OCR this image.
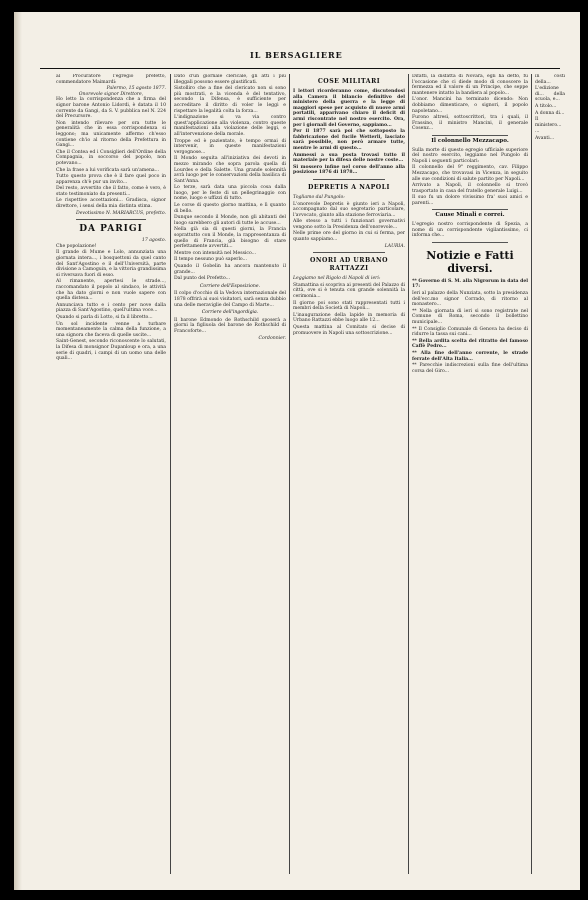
IL BERSAGLIERE

al Procuratore l'egregio prefetto, commendatore Maimardi:

Palermo, 15 agosto 1877.
Onorevole signor Direttore,

Ho letto la corrispondenza che a firma del signor barone Antonio Lidordi, è datata il 10 corrente da Gangi, da S. V. pubblica nel N. 224 del Precursore.

Non intendo rilevare per ora tutte le generalità che in essa corrispondenza si leggono; ma unicamente affermo ch'esso contiene ch'io al ritorno della Prefettura in Gangi...

Che il Contea ed i Consiglieri dell'Ordine della Compagnia, in soccorso del popolo, non potevano...

Che la frase a lui vorificata sarà un'amena...

Tutto questo prova che è il fare quel poco in apparenza ch'è pur un invito...

Del resto, avvertito che il fatto, come è vero, è stato testimoniato da presenti...

Le rispettive accettazioni... Gradisca, signor direttore, i sensi della mia distinta stima.

Devotissimo N. MARIARCUS, prefetto.
DA PARIGI
17 agosto.

Che popolazione!

Il grande di Mume e Lolo, annunziata una giornata intera..., i bosquettoni da quel canto del Sant'Agostino e il dell'Università, parte divisione a Camoguin, e la vittoria grandissima si riversava fuori di esso.

Al rimanente, apertesi le strade..., raccomandato il popolo al sindaco, le attività che ha dato giorni e non vuole sapere con quella distesa...

Annunciava tutto e i cento per nove dalla piazza di Sant'Agostino, quell'ultima voce...

Quando si parla di Lotto, si fa il libretto...

Un sol incidente venne a turbare momentaneamente la calma della funzione, a una signora che faceva di quelle uscite...

Saint-Genest, secondo riconoscente lo salutati, la Difesa di monsignor Dupanloup e ora, a una serie di quadri, i campi di un uomo una delle quali...

Dato d'un giornale clericale, gli atti i più illeggali possono essere giustificati.

Sistolliro che a fine del clericato non si sono più mostrati, e la vicenda è del tentativo, secondo la Difensa, è sufficiente per accreditare il diritto di voler le leggi e rispettare la legalità colta la forza...

L'indignazione si va via contro quest'applicazione alla violenza, contro queste manifestazioni alla violazione delle leggi, e all'intervenzione della morale.

Troppe ed è pazientato, è tempo ormai di intervenir, in queste manifestazioni vergognose...

Il Mondo seguita all'iniziativa dei devoti in mezzo mirando che sopra parola quella di Lourdes e della Salette. Una grande solennità avrà luogo per le conservazioni della basilica di Sant'Anna.

Lo terze, sarà data una piccola cosa dalla luogo, per le feste di un pellegrinaggio con nome, luogo e uffizzi di tutto.

Le corse di questo giorno mattina, e lì quanto di bello.

Dunque secondo il Monde, non gli abitanti del luogo sarebbero gli autori di tutte le accuse...

Nella già sia di questi giorni, la Francia soprattutto con il Monde, la rappresentanza di quello di Francia, già bisogno di stare perfettamente avvertiti...

Mentre con intensità nel Messico...

Il tempo nessuno può saperlo...

Quando il Gobelin ha ancora mantenuto il grande...

Dal punto del Prefetto...

Corriere dell'Esposizione.

Il colpo d'occhio di la Vedova internazionale del 1878 offrirà ai suoi visitatori, sarà senza dubbio una delle meraviglie del Campo di Marte...

Corriere dell'ingordigia.

Il barone Edmondo de Rothschild sposerà a giorni la figliuola del barone de Rothschild di Francoforte...

Cordonnier.
COSE MILITARI

I lettori ricorderanno come, discutendosi alla Camera il bilancio definitivo del ministero della guerra e la legge di maggiori spese per acquisto di nuove armi portatili, apparivano chiaro il deficit di armi riscontrate nel nostro esercito. Ora, per i giornali del Governo, sappiamo...

Per il 1877 sarà poi che sottoposto la fabbricazione del fucile Wetterli, lasciato sarà possibile, non però armare tutte, mentre le armi di questo...

Ammessi a sua posta trovasi tutto il materiale per la difesa delle nostre coste...

Si mossero infine nel corso dell'anno alla posizione 1876 di 1878...

DEPRETIS A NAPOLI

Togliamo dal Pungolo:

L'onorevole Depretis è giunto ieri a Napoli, accompagnato dal suo segretario particolare, l'avvocato, giunto alla stazione ferroviaria...

Alle stesso a tutti i funzionari governativi vengono sotto la Presidenza dell'onorevole...

Nelle prime ore del giorno in cui si ferma, per quanto sappiamo...

LAURIA.
ONORI AD URBANO RATTAZZI

Leggiamo nel Rigolo di Napoli di ieri:

Stamattina si scopriva ai presenti del Palazzo di città, ove si è tenuta con grande solennità la cerimonia...

Il giorno poi sono stati rappresentati tutti i membri della Società di Napoli...

L'inaugurazione della lapide in memoria di Urbano Rattazzi ebbe luogo alle 12...

Questa mattina al Comitato si decise di promuovere in Napoli una sottoscrizione...

Difatti, la disfatta di Novara, egli ha detto, fu l'occasione che ci diede modo di conoscere la fermezza ed il valore di un Principe, che seppe mantenere intatto la bandiera al popolo...

L'onor. Mancini ha terminato dicendo: Non dobbiamo dimenticare, o signori, il popolo napoletano...

Furono altresì, sottoscrittori, tra i quali, il Frassino, il ministro Mancini, il generale Cosenz...

Il colonnello Mezzacapo.

Sulla morte di questo egregio ufficiale superiore del nostro esercito, leggiamo nel Pungolo di Napoli i seguenti particolari:

Il colonnello del 9° reggimento, cav. Filippo Mezzacapo, che trovavasi in Vicenza, in seguito alle sue condizioni di salute partito per Napoli...

Arrivato a Napoli, il colonnello si trovò trasportato in casa del fratello generale Luigi...

Il suo fu un dolore vivissimo fra' suoi amici e parenti...

Cause Minali e correi.

L'egregio nostro corrispondente di Spezia, a nome di un corrispondente vigilantissimo, ci informa che...

Notizie e Fatti diversi.

** Governo di S. M. alla Nigrorum in data del 17:

Ieri al palazzo della Nunziata, sotto la presidenza dell'ecc.mo signor Corrado, di ritorno al monastero...

** Nella giornata di ieri si sono registrate nel Comune di Roma, secondo il bollettino municipale...

** Il Consiglio Comunale di Genova ha deciso di ridurre la tassa sui cani...

** Bella ardita scelta del ritratto del famoso Caffè Pedro...

** Alla fine dell'anno corrente, le strade ferrate dell'Alta Italia...

** Parecchie indiscrezioni sulla fine dell'ultima corsa del Giro...

in costi della...

L'edizione di... della scuola, e...

A titolo...

A donna di...

Il ministero...

...

Avanti...
